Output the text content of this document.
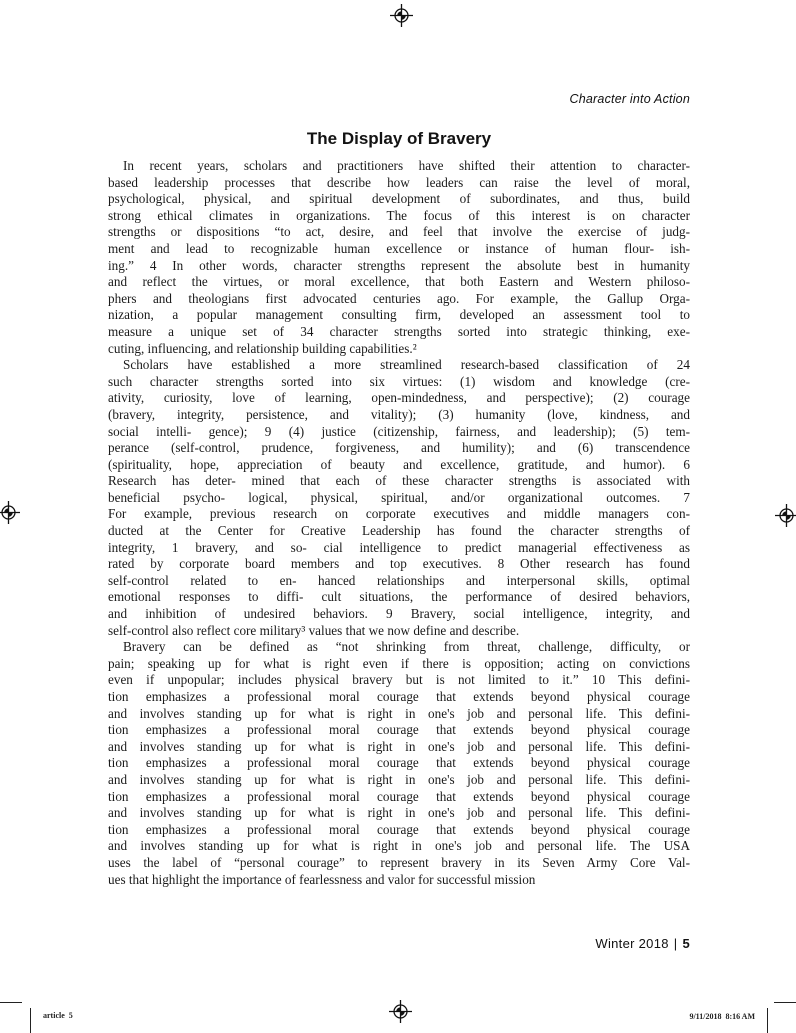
Character into Action
The Display of Bravery
In recent years, scholars and practitioners have shifted their attention to character-
based leadership processes that describe how leaders can raise the level of moral,
psychological, physical, and spiritual development of subordinates, and thus, build
strong ethical climates in organizations. The focus of this interest is on character
strengths or dispositions “to act, desire, and feel that involve the exercise of judg-
ment and lead to recognizable human excellence or instance of human flour- ish-
ing.” 4 In other words, character strengths represent the absolute best in humanity
and reflect the virtues, or moral excellence, that both Eastern and Western philoso-
phers and theologians first advocated centuries ago. For example, the Gallup Orga-
nization, a popular management consulting firm, developed an assessment tool to
measure a unique set of 34 character strengths sorted into strategic thinking, exe-
cuting, influencing, and relationship building capabilities.²
Scholars have established a more streamlined research-based classification of 24
such character strengths sorted into six virtues: (1) wisdom and knowledge (cre-
ativity, curiosity, love of learning, open-mindedness, and perspective); (2) courage
(bravery, integrity, persistence, and vitality); (3) humanity (love, kindness, and
social intelli- gence); 9 (4) justice (citizenship, fairness, and leadership); (5) tem-
perance (self-control, prudence, forgiveness, and humility); and (6) transcendence
(spirituality, hope, appreciation of beauty and excellence, gratitude, and humor). 6
Research has deter- mined that each of these character strengths is associated with
beneficial psycho- logical, physical, spiritual, and/or organizational outcomes. 7
For example, previous research on corporate executives and middle managers con-
ducted at the Center for Creative Leadership has found the character strengths of
integrity, 1 bravery, and so- cial intelligence to predict managerial effectiveness as
rated by corporate board members and top executives. 8 Other research has found
self-control related to en- hanced relationships and interpersonal skills, optimal
emotional responses to diffi- cult situations, the performance of desired behaviors,
and inhibition of undesired behaviors. 9 Bravery, social intelligence, integrity, and
self-control also reflect core military³ values that we now define and describe.
Bravery can be defined as “not shrinking from threat, challenge, difficulty, or
pain; speaking up for what is right even if there is opposition; acting on convictions
even if unpopular; includes physical bravery but is not limited to it.” 10 This defini-
tion emphasizes a professional moral courage that extends beyond physical courage
and involves standing up for what is right in one's job and personal life. This defini-
tion emphasizes a professional moral courage that extends beyond physical courage
and involves standing up for what is right in one's job and personal life. This defini-
tion emphasizes a professional moral courage that extends beyond physical courage
and involves standing up for what is right in one's job and personal life. This defini-
tion emphasizes a professional moral courage that extends beyond physical courage
and involves standing up for what is right in one's job and personal life. This defini-
tion emphasizes a professional moral courage that extends beyond physical courage
and involves standing up for what is right in one's job and personal life. The USA
uses the label of “personal courage” to represent bravery in its Seven Army Core Val-
ues that highlight the importance of fearlessness and valor for successful mission
Winter 2018 | 5
article  5	9/11/2018  8:16 AM
